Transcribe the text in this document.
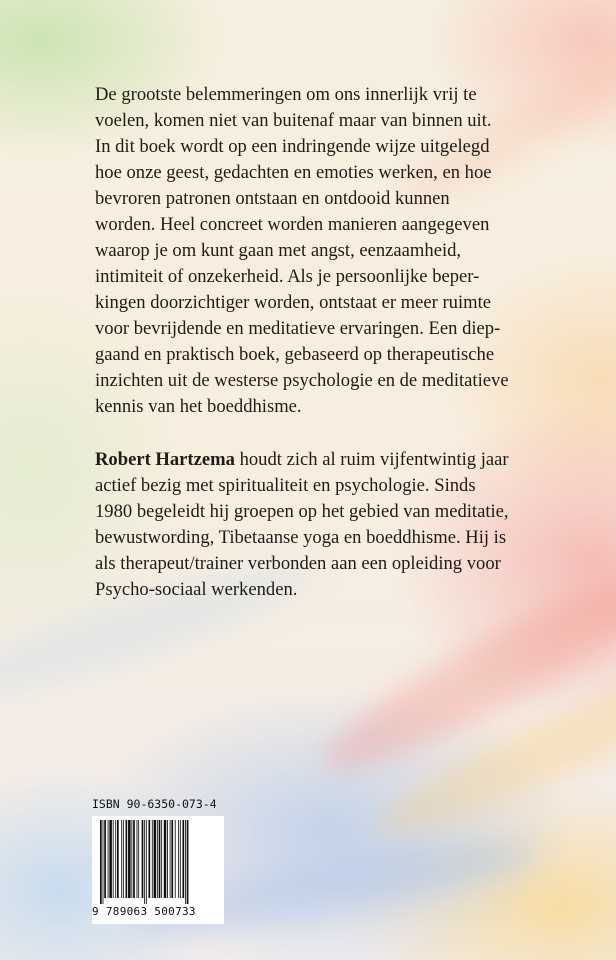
De grootste belemmeringen om ons innerlijk vrij te
voelen, komen niet van buitenaf maar van binnen uit.
In dit boek wordt op een indringende wijze uitgelegd
hoe onze geest, gedachten en emoties werken, en hoe
bevroren patronen ontstaan en ontdooid kunnen
worden. Heel concreet worden manieren aangegeven
waarop je om kunt gaan met angst, eenzaamheid,
intimiteit of onzekerheid. Als je persoonlijke beper-
kingen doorzichtiger worden, ontstaat er meer ruimte
voor bevrijdende en meditatieve ervaringen. Een diep-
gaand en praktisch boek, gebaseerd op therapeutische
inzichten uit de westerse psychologie en de meditatieve
kennis van het boeddhisme.

Robert Hartzema houdt zich al ruim vijfentwintig jaar
actief bezig met spiritualiteit en psychologie. Sinds
1980 begeleidt hij groepen op het gebied van meditatie,
bewustwording, Tibetaanse yoga en boeddhisme. Hij is
als therapeut/trainer verbonden aan een opleiding voor
Psycho-sociaal werkenden.

ISBN 90-6350-073-4
9 789063 500733
